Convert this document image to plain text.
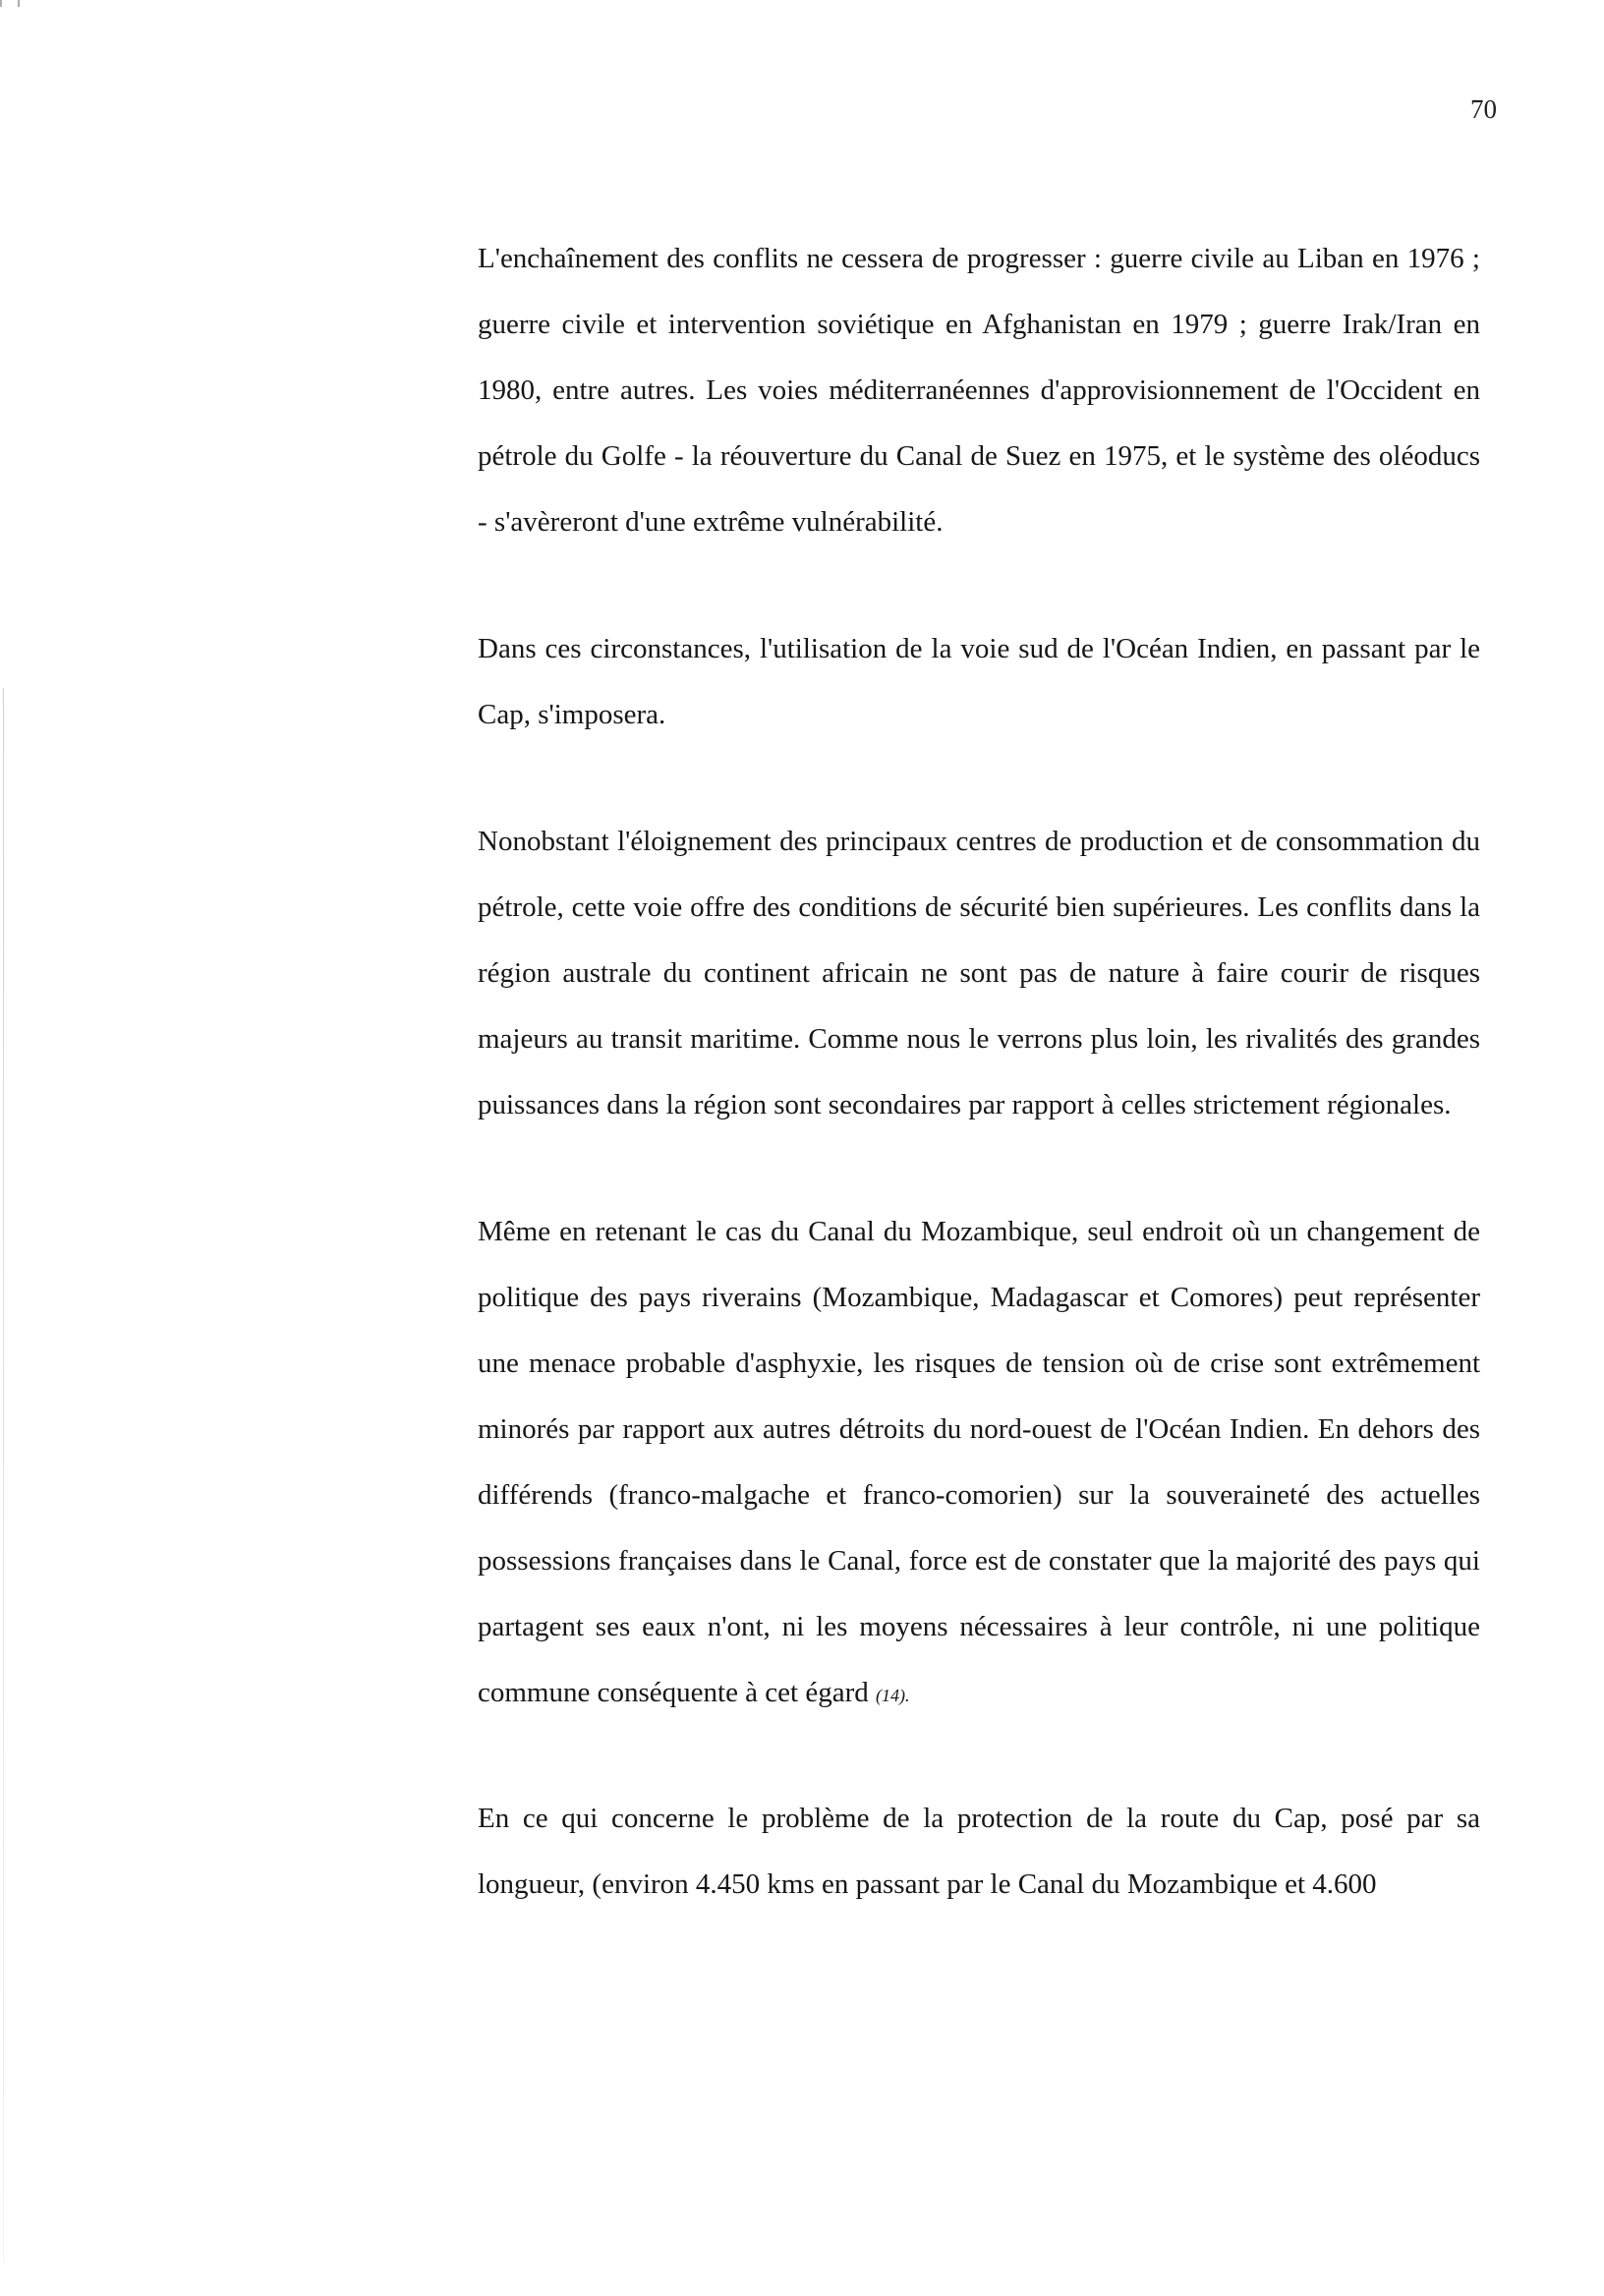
70

L'enchaînement des conflits ne cessera de progresser : guerre civile au Liban en 1976 ; guerre civile et intervention soviétique en Afghanistan en 1979 ; guerre Irak/Iran en 1980, entre autres. Les voies méditerranéennes d'approvisionnement de l'Occident en pétrole du Golfe - la réouverture du Canal de Suez en 1975, et le système des oléoducs - s'avèreront d'une extrême vulnérabilité.

Dans ces circonstances, l'utilisation de la voie sud de l'Océan Indien, en passant par le Cap, s'imposera.

Nonobstant l'éloignement des principaux centres de production et de consommation du pétrole, cette voie offre des conditions de sécurité bien supérieures. Les conflits dans la région australe du continent africain ne sont pas de nature à faire courir de risques majeurs au transit maritime. Comme nous le verrons plus loin, les rivalités des grandes puissances dans la région sont secondaires par rapport à celles strictement régionales.

Même en retenant le cas du Canal du Mozambique, seul endroit où un changement de politique des pays riverains (Mozambique, Madagascar et Comores) peut représenter une menace probable d'asphyxie, les risques de tension où de crise sont extrêmement minorés par rapport aux autres détroits du nord-ouest de l'Océan Indien. En dehors des différends (franco-malgache et franco-comorien) sur la souveraineté des actuelles possessions françaises dans le Canal, force est de constater que la majorité des pays qui partagent ses eaux n'ont, ni les moyens nécessaires à leur contrôle, ni une politique commune conséquente à cet égard (14).

En ce qui concerne le problème de la protection de la route du Cap, posé par sa longueur, (environ 4.450 kms en passant par le Canal du Mozambique et 4.600
